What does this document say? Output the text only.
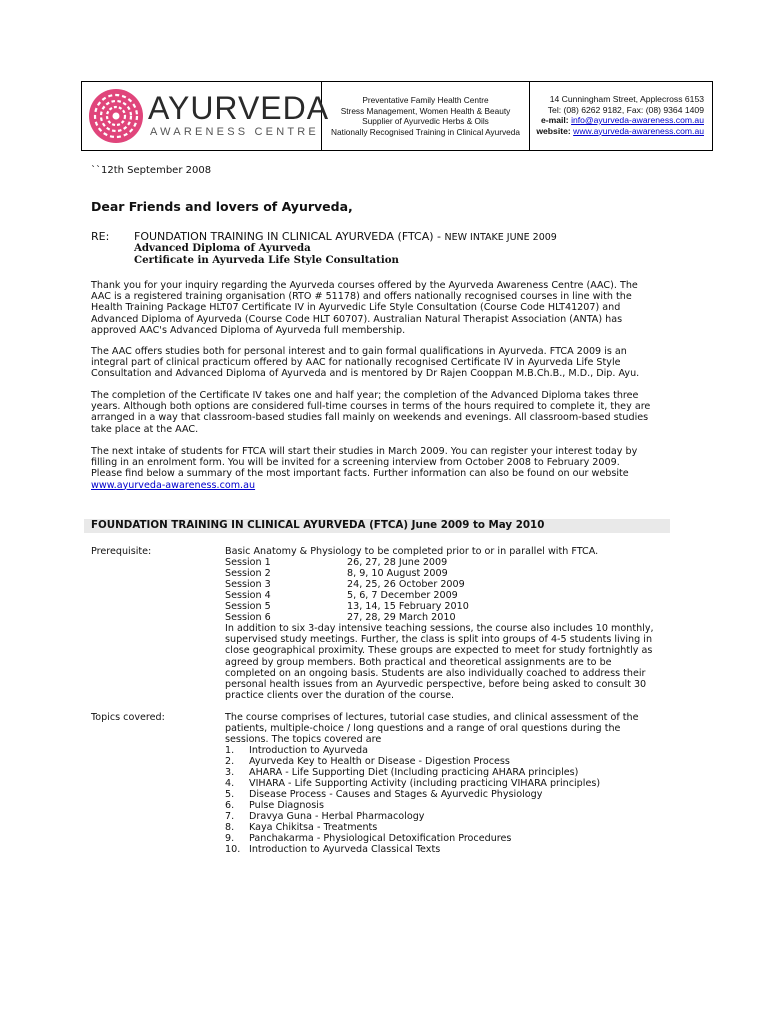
AYURVEDA
AWARENESS CENTRE
Preventative Family Health Centre
Stress Management, Women Health & Beauty
Supplier of Ayurvedic Herbs & Oils
Nationally Recognised Training in Clinical Ayurveda
14 Cunningham Street, Applecross 6153
Tel: (08) 6262 9182, Fax: (08) 9364 1409
e-mail: info@ayurveda-awareness.com.au
website: www.ayurveda-awareness.com.au
``12th September 2008
Dear Friends and lovers of Ayurveda,
RE: FOUNDATION TRAINING IN CLINICAL AYURVEDA (FTCA) - NEW INTAKE JUNE 2009
Advanced Diploma of Ayurveda
Certificate in Ayurveda Life Style Consultation
Thank you for your inquiry regarding the Ayurveda courses offered by the Ayurveda Awareness Centre (AAC). The
AAC is a registered training organisation (RTO # 51178) and offers nationally recognised courses in line with the
Health Training Package HLT07 Certificate IV in Ayurvedic Life Style Consultation (Course Code HLT41207) and
Advanced Diploma of Ayurveda (Course Code HLT 60707). Australian Natural Therapist Association (ANTA) has
approved AAC's Advanced Diploma of Ayurveda full membership.
The AAC offers studies both for personal interest and to gain formal qualifications in Ayurveda. FTCA 2009 is an
integral part of clinical practicum offered by AAC for nationally recognised Certificate IV in Ayurveda Life Style
Consultation and Advanced Diploma of Ayurveda and is mentored by Dr Rajen Cooppan M.B.Ch.B., M.D., Dip. Ayu.
The completion of the Certificate IV takes one and half year; the completion of the Advanced Diploma takes three
years. Although both options are considered full-time courses in terms of the hours required to complete it, they are
arranged in a way that classroom-based studies fall mainly on weekends and evenings. All classroom-based studies
take place at the AAC.
The next intake of students for FTCA will start their studies in March 2009. You can register your interest today by
filling in an enrolment form. You will be invited for a screening interview from October 2008 to February 2009.
Please find below a summary of the most important facts. Further information can also be found on our website
www.ayurveda-awareness.com.au
FOUNDATION TRAINING IN CLINICAL AYURVEDA (FTCA) June 2009 to May 2010
Prerequisite:	Basic Anatomy & Physiology to be completed prior to or in parallel with FTCA.
Session 1	26, 27, 28 June 2009
Session 2	8, 9, 10 August 2009
Session 3	24, 25, 26 October 2009
Session 4	5, 6, 7 December 2009
Session 5	13, 14, 15 February 2010
Session 6	27, 28, 29 March 2010
In addition to six 3-day intensive teaching sessions, the course also includes 10 monthly,
supervised study meetings. Further, the class is split into groups of 4-5 students living in
close geographical proximity. These groups are expected to meet for study fortnightly as
agreed by group members. Both practical and theoretical assignments are to be
completed on an ongoing basis. Students are also individually coached to address their
personal health issues from an Ayurvedic perspective, before being asked to consult 30
practice clients over the duration of the course.
Topics covered:	The course comprises of lectures, tutorial case studies, and clinical assessment of the
patients, multiple-choice / long questions and a range of oral questions during the
sessions. The topics covered are
1. Introduction to Ayurveda
2. Ayurveda Key to Health or Disease - Digestion Process
3. AHARA - Life Supporting Diet (Including practicing AHARA principles)
4. VIHARA - Life Supporting Activity (including practicing VIHARA principles)
5. Disease Process - Causes and Stages & Ayurvedic Physiology
6. Pulse Diagnosis
7. Dravya Guna - Herbal Pharmacology
8. Kaya Chikitsa - Treatments
9. Panchakarma - Physiological Detoxification Procedures
10. Introduction to Ayurveda Classical Texts
